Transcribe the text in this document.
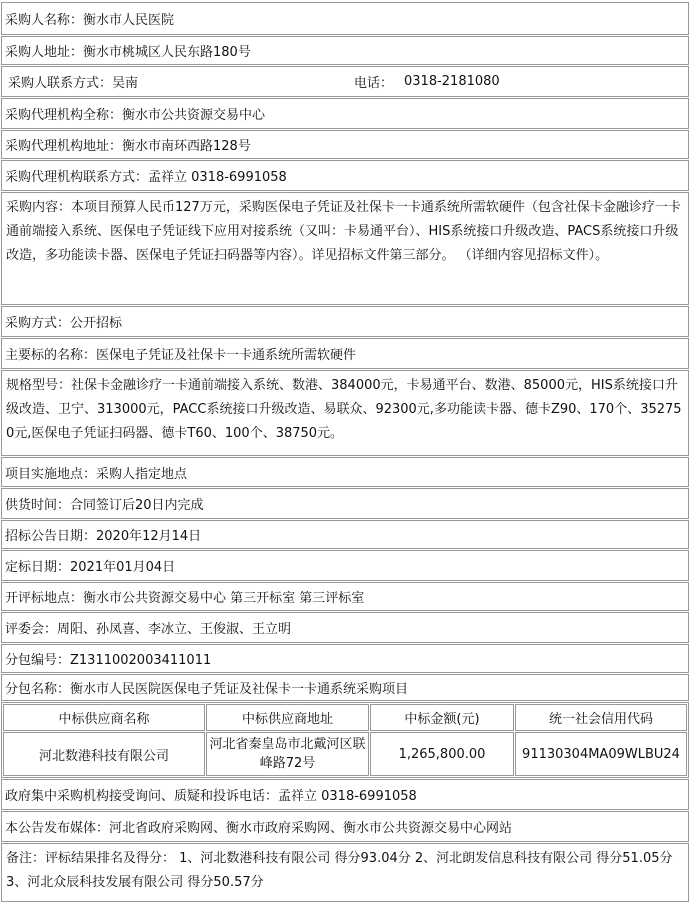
采购人名称：衡水市人民医院
采购人地址：衡水市桃城区人民东路180号
采购人联系方式：吴南	电话： 0318-2181080
采购代理机构全称：衡水市公共资源交易中心
采购代理机构地址：衡水市南环西路128号
采购代理机构联系方式：孟祥立 0318-6991058
采购内容：本项目预算人民币127万元，采购医保电子凭证及社保卡一卡通系统所需软硬件（包含社保卡金融诊疗一卡通前端接入系统、医保电子凭证线下应用对接系统（又叫：卡易通平台）、HIS系统接口升级改造、PACS系统接口升级改造，多功能读卡器、医保电子凭证扫码器等内容）。详见招标文件第三部分。 （详细内容见招标文件）。
采购方式：公开招标
主要标的名称：医保电子凭证及社保卡一卡通系统所需软硬件
规格型号：社保卡金融诊疗一卡通前端接入系统、数港、384000元，卡易通平台、数港、85000元，HIS系统接口升级改造、卫宁、313000元，PACC系统接口升级改造、易联众、92300元,多功能读卡器、德卡Z90、170个、352750元,医保电子凭证扫码器、德卡T60、100个、38750元。
项目实施地点：采购人指定地点
供货时间：合同签订后20日内完成
招标公告日期：2020年12月14日
定标日期：2021年01月04日
开评标地点：衡水市公共资源交易中心 第三开标室 第三评标室
评委会：周阳、孙凤喜、李冰立、王俊淑、王立明
分包编号：Z1311002003411011
分包名称：衡水市人民医院医保电子凭证及社保卡一卡通系统采购项目
中标供应商名称	中标供应商地址	中标金额(元)	统一社会信用代码
河北数港科技有限公司	河北省秦皇岛市北戴河区联峰路72号	1,265,800.00	91130304MA09WLBU24
政府集中采购机构接受询问、质疑和投诉电话：孟祥立 0318-6991058
本公告发布媒体：河北省政府采购网、衡水市政府采购网、衡水市公共资源交易中心网站
备注：评标结果排名及得分： 1、河北数港科技有限公司 得分93.04分 2、河北朗发信息科技有限公司 得分51.05分 3、河北众辰科技发展有限公司 得分50.57分
